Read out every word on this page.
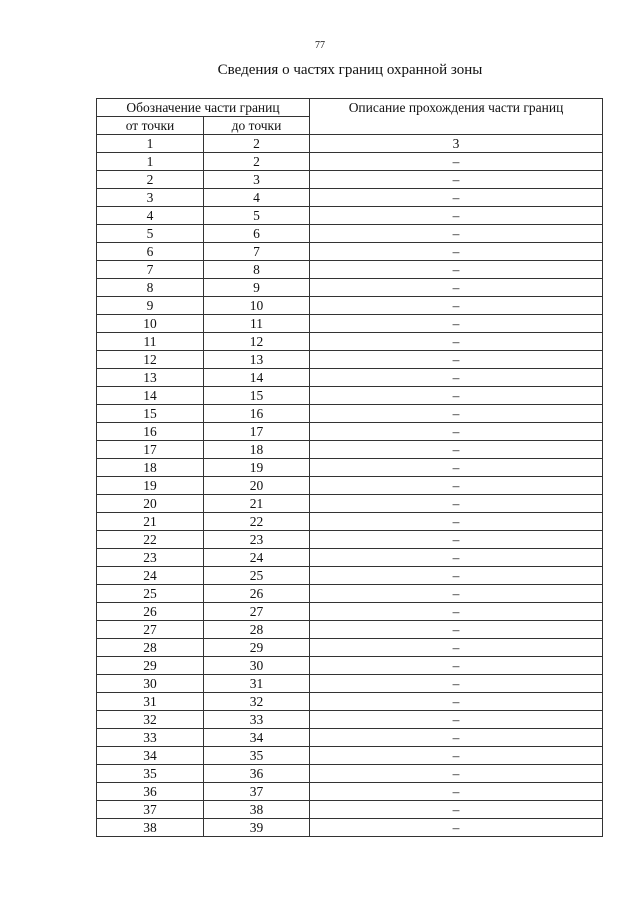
77
Сведения о частях границ охранной зоны
Обозначение части границ		Описание прохождения части границ
от точки	до точки	
1	2	3
1	2	–
2	3	–
3	4	–
4	5	–
5	6	–
6	7	–
7	8	–
8	9	–
9	10	–
10	11	–
11	12	–
12	13	–
13	14	–
14	15	–
15	16	–
16	17	–
17	18	–
18	19	–
19	20	–
20	21	–
21	22	–
22	23	–
23	24	–
24	25	–
25	26	–
26	27	–
27	28	–
28	29	–
29	30	–
30	31	–
31	32	–
32	33	–
33	34	–
34	35	–
35	36	–
36	37	–
37	38	–
38	39	–
